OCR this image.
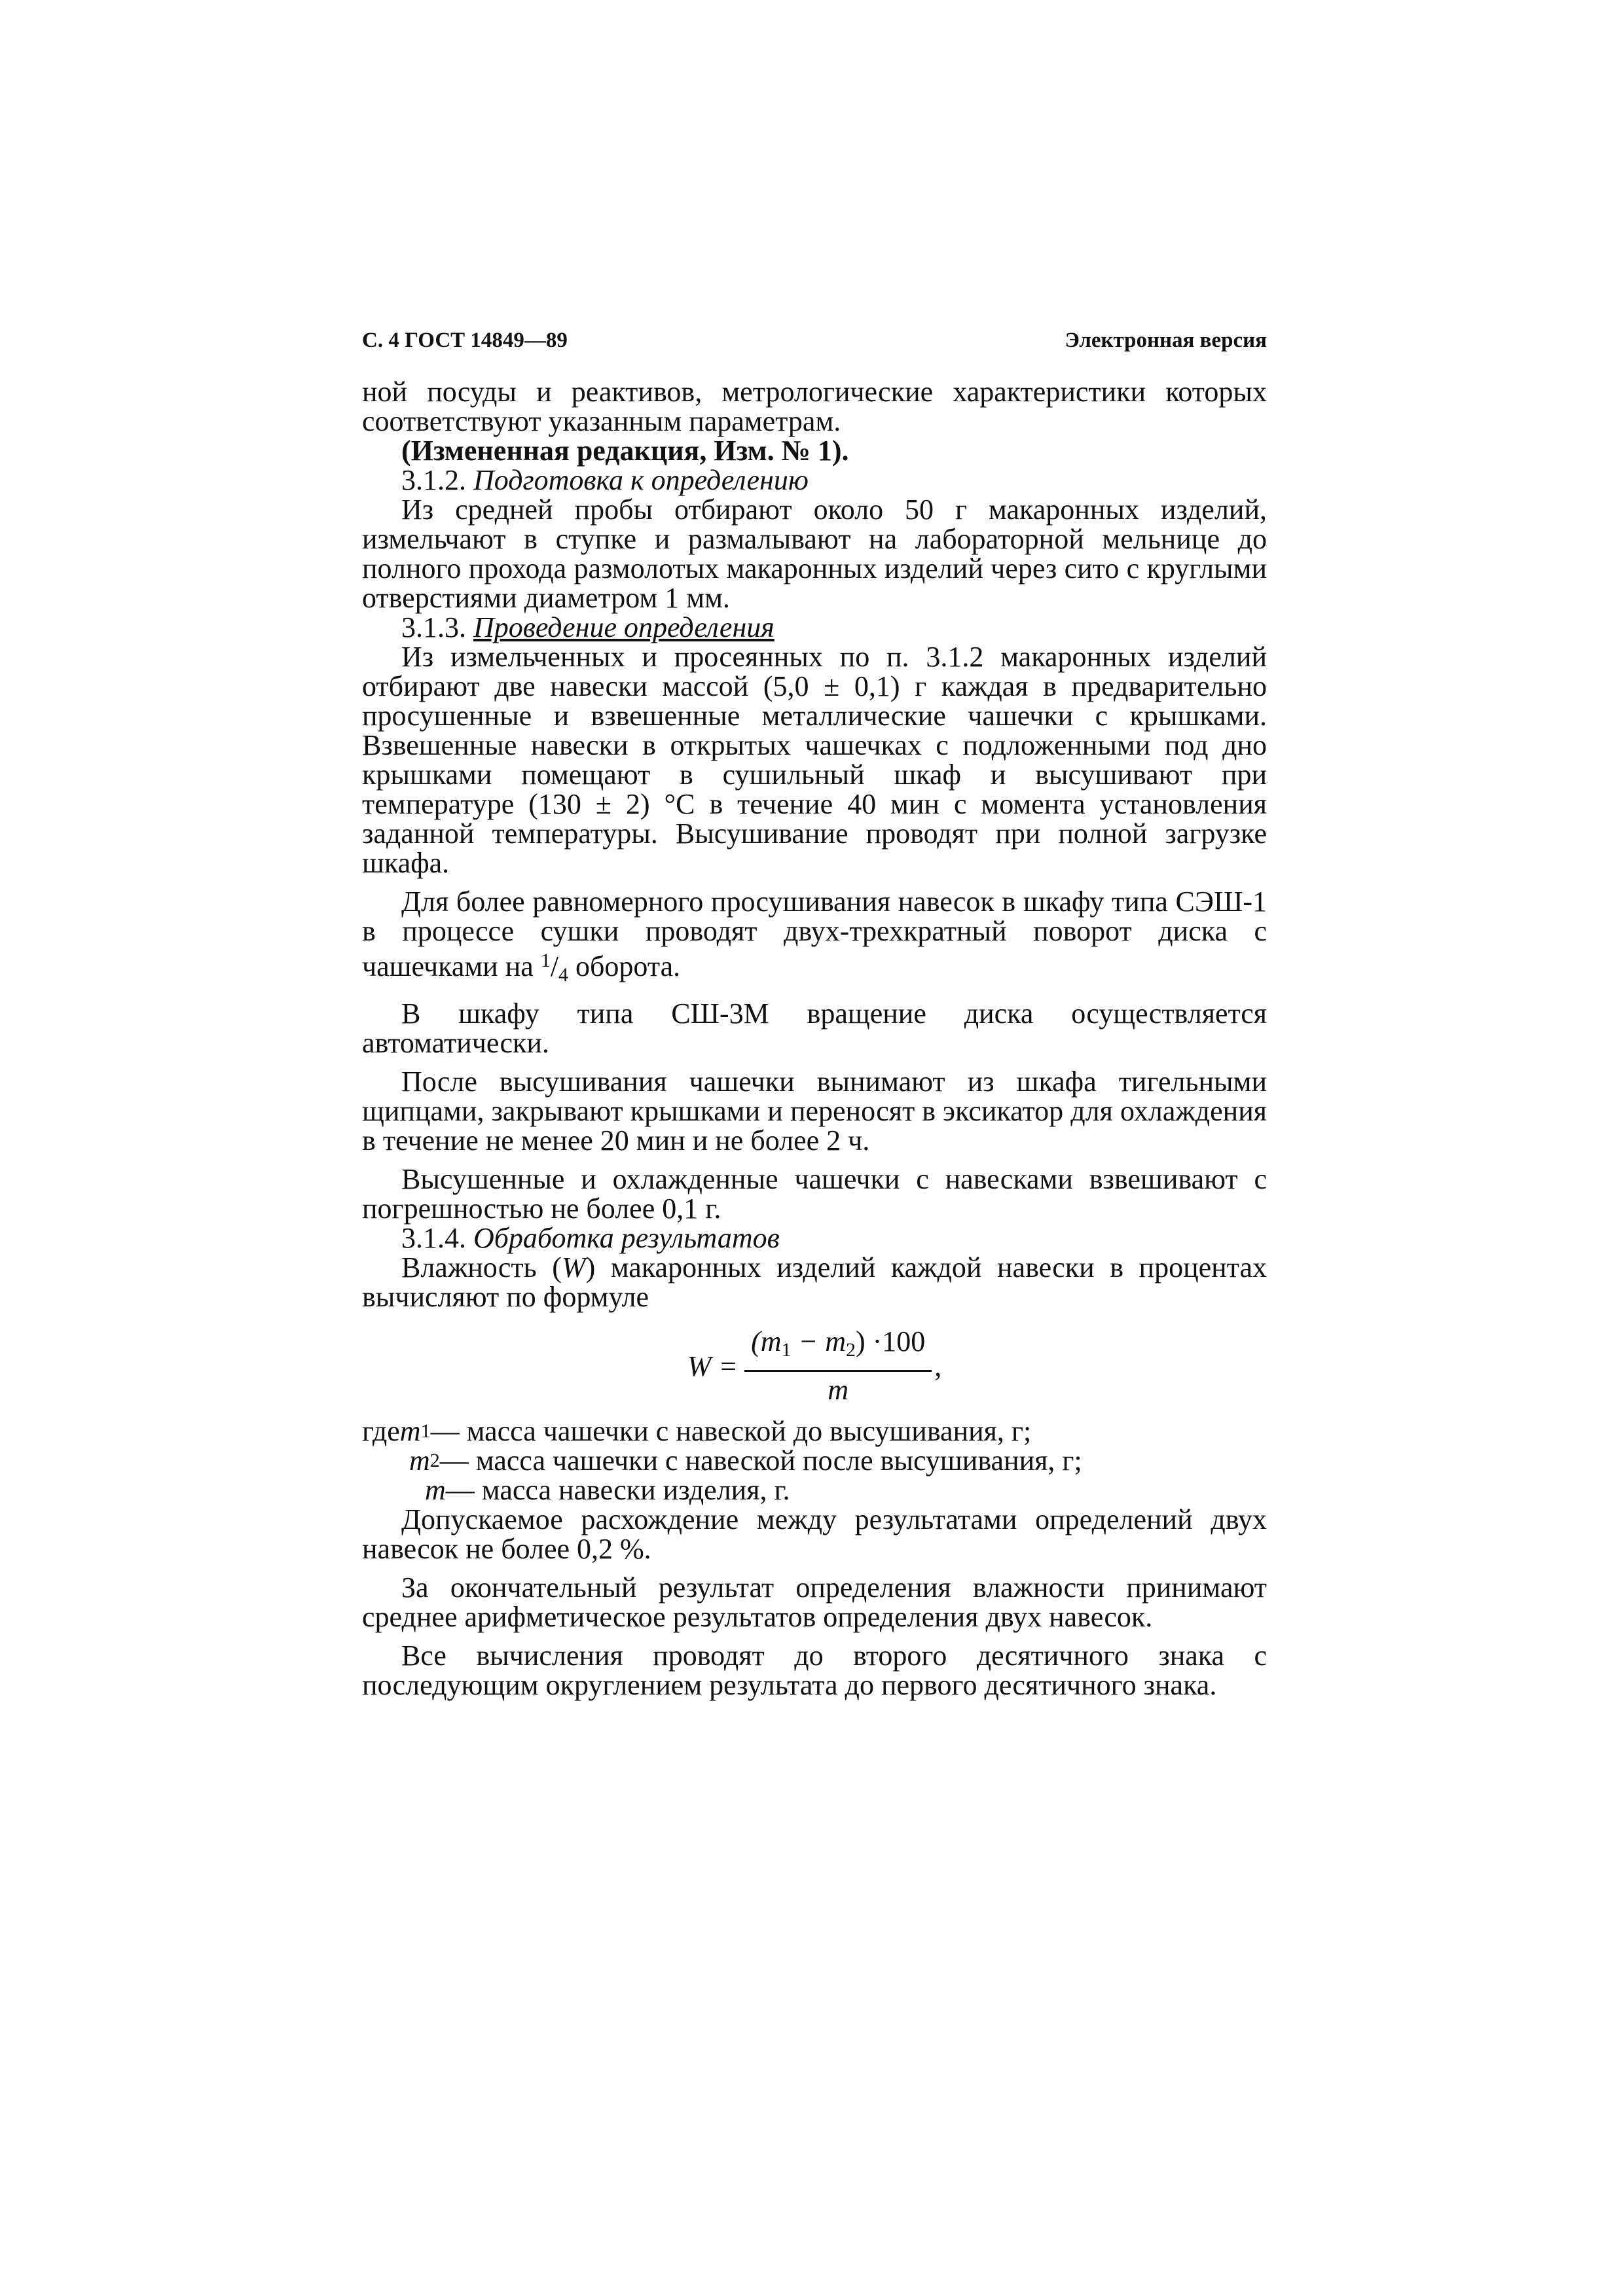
С. 4 ГОСТ 14849—89	Электронная версия

ной посуды и реактивов, метрологические характеристики которых соответствуют указанным параметрам.

(Измененная редакция, Изм. № 1).

3.1.2. Подготовка к определению

Из средней пробы отбирают около 50 г макаронных изделий, измельчают в ступке и размалывают на лабораторной мельнице до полного прохода размолотых макаронных изделий через сито с круглыми отверстиями диаметром 1 мм.

3.1.3. Проведение определения

Из измельченных и просеянных по п. 3.1.2 макаронных изделий отбирают две навески массой (5,0 ± 0,1) г каждая в предварительно просушенные и взвешенные металлические чашечки с крышками. Взвешенные навески в открытых чашечках с подложенными под дно крышками помещают в сушильный шкаф и высушивают при температуре (130 ± 2) °С в течение 40 мин с момента установления заданной температуры. Высушивание проводят при полной загрузке шкафа.

Для более равномерного просушивания навесок в шкафу типа СЭШ-1 в процессе сушки проводят двух-трехкратный поворот диска с чашечками на $^1/_4$ оборота.

В шкафу типа СШ-3М вращение диска осуществляется автоматически.

После высушивания чашечки вынимают из шкафа тигельными щипцами, закрывают крышками и переносят в эксикатор для охлаждения в течение не менее 20 мин и не более 2 ч.

Высушенные и охлажденные чашечки с навесками взвешивают с погрешностью не более 0,1 г.

3.1.4. Обработка результатов

Влажность (W) макаронных изделий каждой навески в процентах вычисляют по формуле

$W = \frac{(m_1 - m_2) \cdot 100}{m}$ ,
где m 1 — масса чашечки с навеской до высушивания, г;
m 2 — масса чашечки с навеской после высушивания, г;
m — масса навески изделия, г.

Допускаемое расхождение между результатами определений двух навесок не более 0,2 %.

За окончательный результат определения влажности принимают среднее арифметическое результатов определения двух навесок.

Все вычисления проводят до второго десятичного знака с последующим округлением результата до первого десятичного знака.
